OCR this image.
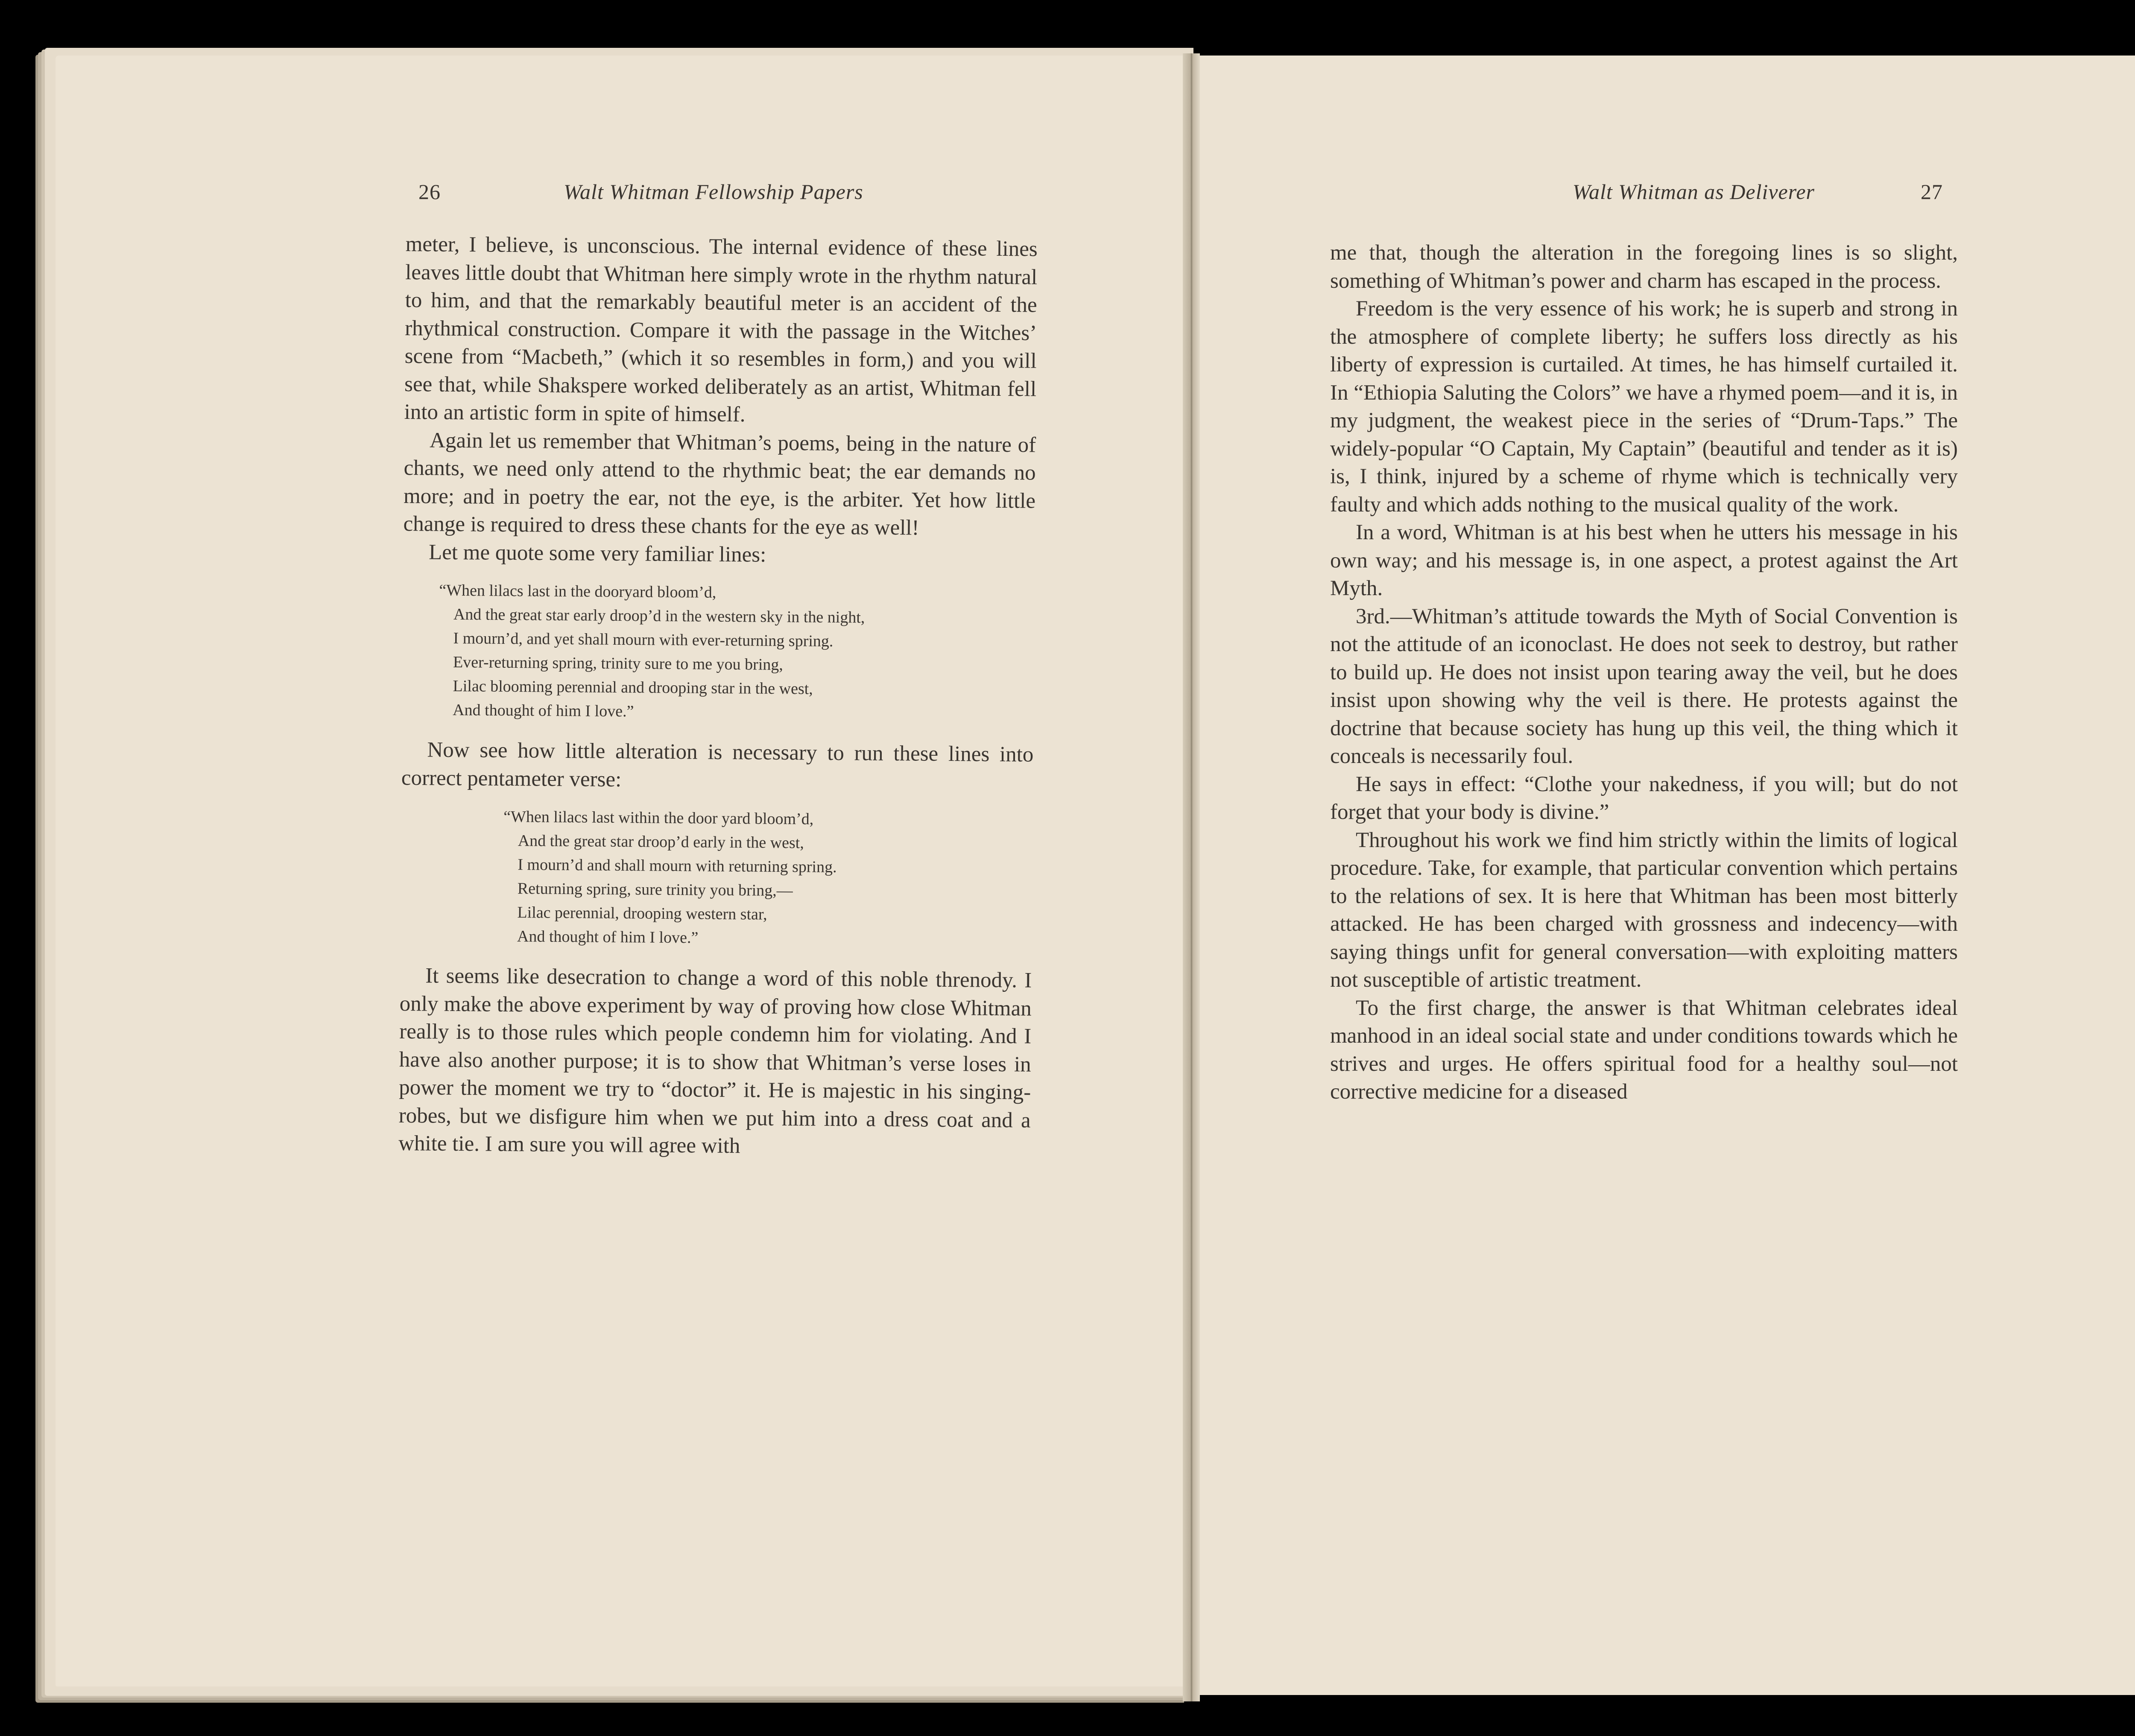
26	Walt Whitman Fellowship Papers	Walt Whitman as Deliverer	27

meter, I believe, is unconscious. The internal evidence of these lines leaves little doubt that Whitman here simply wrote in the rhythm natural to him, and that the remarkably beautiful meter is an accident of the rhythmical construction. Compare it with the passage in the Witches’ scene from “Macbeth,” (which it so resembles in form,) and you will see that, while Shakspere worked deliberately as an artist, Whitman fell into an artistic form in spite of himself.

Again let us remember that Whitman’s poems, being in the nature of chants, we need only attend to the rhythmic beat; the ear demands no more; and in poetry the ear, not the eye, is the arbiter. Yet how little change is required to dress these chants for the eye as well!

Let me quote some very familiar lines:

“When lilacs last in the dooryard bloom’d,
And the great star early droop’d in the western sky in the night,
I mourn’d, and yet shall mourn with ever-returning spring.
Ever-returning spring, trinity sure to me you bring,
Lilac blooming perennial and drooping star in the west,
And thought of him I love.”

Now see how little alteration is necessary to run these lines into correct pentameter verse:

“When lilacs last within the door yard bloom’d,
And the great star droop’d early in the west,
I mourn’d and shall mourn with returning spring.
Returning spring, sure trinity you bring,—
Lilac perennial, drooping western star,
And thought of him I love.”

It seems like desecration to change a word of this noble threnody. I only make the above experiment by way of proving how close Whitman really is to those rules which people condemn him for violating. And I have also another purpose; it is to show that Whitman’s verse loses in power the moment we try to “doctor” it. He is majestic in his singing-robes, but we disfigure him when we put him into a dress coat and a white tie. I am sure you will agree with

me that, though the alteration in the foregoing lines is so slight, something of Whitman’s power and charm has escaped in the process.

Freedom is the very essence of his work; he is superb and strong in the atmosphere of complete liberty; he suffers loss directly as his liberty of expression is curtailed. At times, he has himself curtailed it. In “Ethiopia Saluting the Colors” we have a rhymed poem—and it is, in my judgment, the weakest piece in the series of “Drum-Taps.” The widely-popular “O Captain, My Captain” (beautiful and tender as it is) is, I think, injured by a scheme of rhyme which is technically very faulty and which adds nothing to the musical quality of the work.

In a word, Whitman is at his best when he utters his message in his own way; and his message is, in one aspect, a protest against the Art Myth.

3rd.—Whitman’s attitude towards the Myth of Social Convention is not the attitude of an iconoclast. He does not seek to destroy, but rather to build up. He does not insist upon tearing away the veil, but he does insist upon showing why the veil is there. He protests against the doctrine that because society has hung up this veil, the thing which it conceals is necessarily foul.

He says in effect: “Clothe your nakedness, if you will; but do not forget that your body is divine.”

Throughout his work we find him strictly within the limits of logical procedure. Take, for example, that particular convention which pertains to the relations of sex. It is here that Whitman has been most bitterly attacked. He has been charged with grossness and indecency—with saying things unfit for general conversation—with exploiting matters not susceptible of artistic treatment.

To the first charge, the answer is that Whitman celebrates ideal manhood in an ideal social state and under conditions towards which he strives and urges. He offers spiritual food for a healthy soul—not corrective medicine for a diseased
